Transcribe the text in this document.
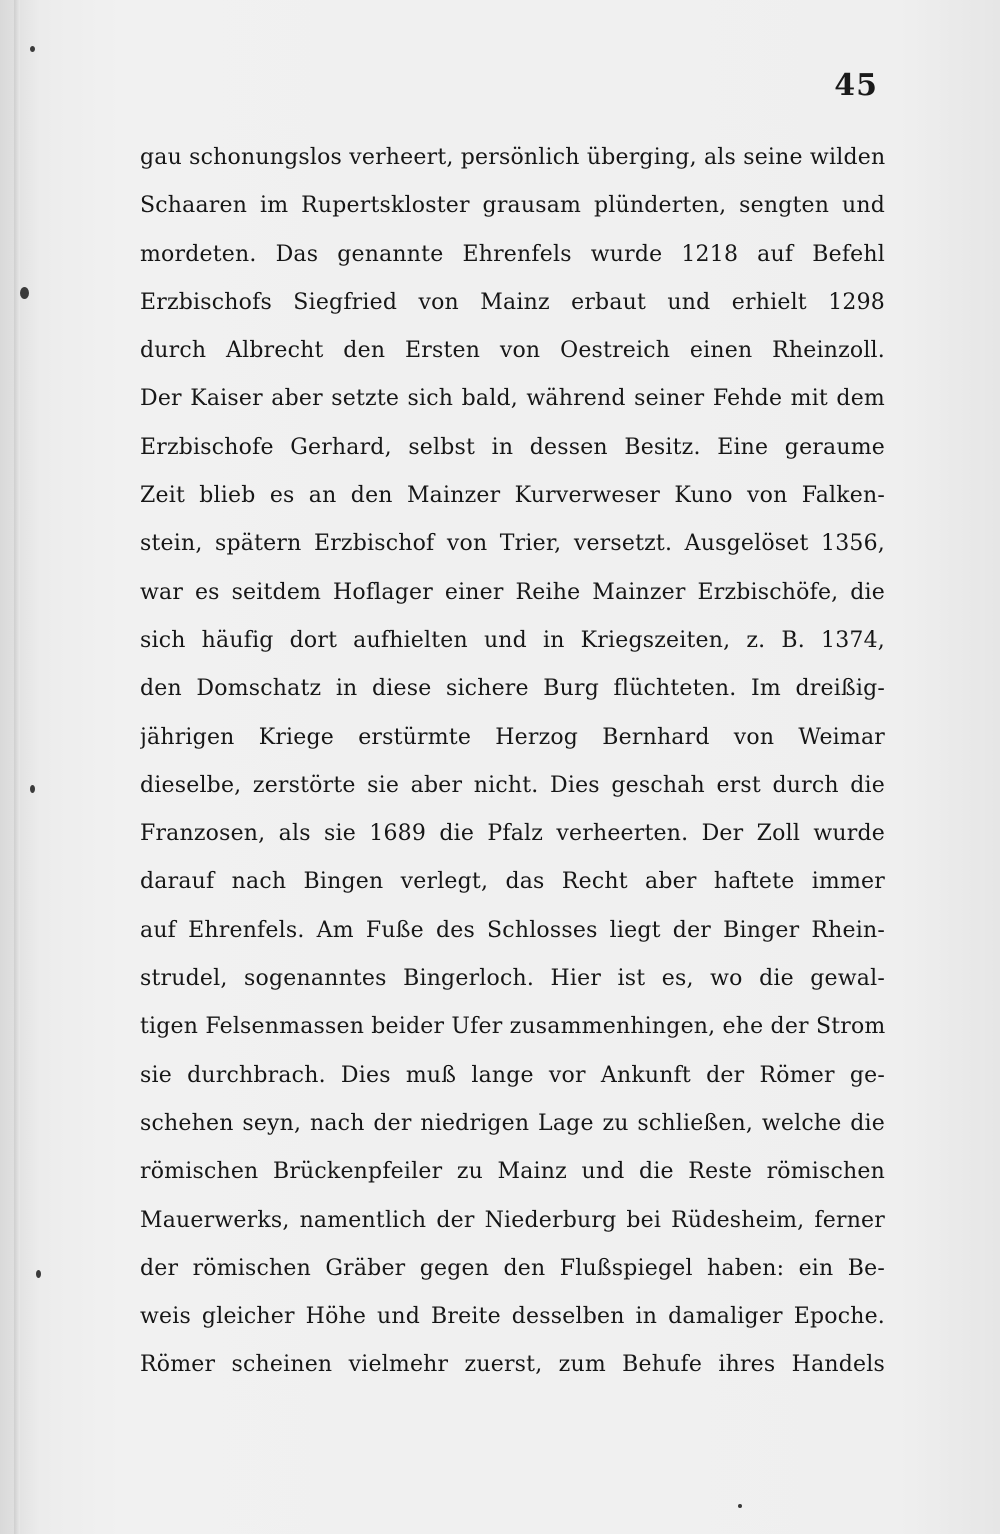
45
gau schonungslos verheert, persönlich überging, als seine wilden
Schaaren im Rupertskloster grausam plünderten, sengten und
mordeten. Das genannte Ehrenfels wurde 1218 auf Befehl
Erzbischofs Siegfried von Mainz erbaut und erhielt 1298
durch Albrecht den Ersten von Oestreich einen Rheinzoll.
Der Kaiser aber setzte sich bald, während seiner Fehde mit dem
Erzbischofe Gerhard, selbst in dessen Besitz. Eine geraume
Zeit blieb es an den Mainzer Kurverweser Kuno von Falken-
stein, spätern Erzbischof von Trier, versetzt. Ausgelöset 1356,
war es seitdem Hoflager einer Reihe Mainzer Erzbischöfe, die
sich häufig dort aufhielten und in Kriegszeiten, z. B. 1374,
den Domschatz in diese sichere Burg flüchteten. Im dreißig-
jährigen Kriege erstürmte Herzog Bernhard von Weimar
dieselbe, zerstörte sie aber nicht. Dies geschah erst durch die
Franzosen, als sie 1689 die Pfalz verheerten. Der Zoll wurde
darauf nach Bingen verlegt, das Recht aber haftete immer
auf Ehrenfels. Am Fuße des Schlosses liegt der Binger Rhein-
strudel, sogenanntes Bingerloch. Hier ist es, wo die gewal-
tigen Felsenmassen beider Ufer zusammenhingen, ehe der Strom
sie durchbrach. Dies muß lange vor Ankunft der Römer ge-
schehen seyn, nach der niedrigen Lage zu schließen, welche die
römischen Brückenpfeiler zu Mainz und die Reste römischen
Mauerwerks, namentlich der Niederburg bei Rüdesheim, ferner
der römischen Gräber gegen den Flußspiegel haben: ein Be-
weis gleicher Höhe und Breite desselben in damaliger Epoche.
Römer scheinen vielmehr zuerst, zum Behufe ihres Handels
